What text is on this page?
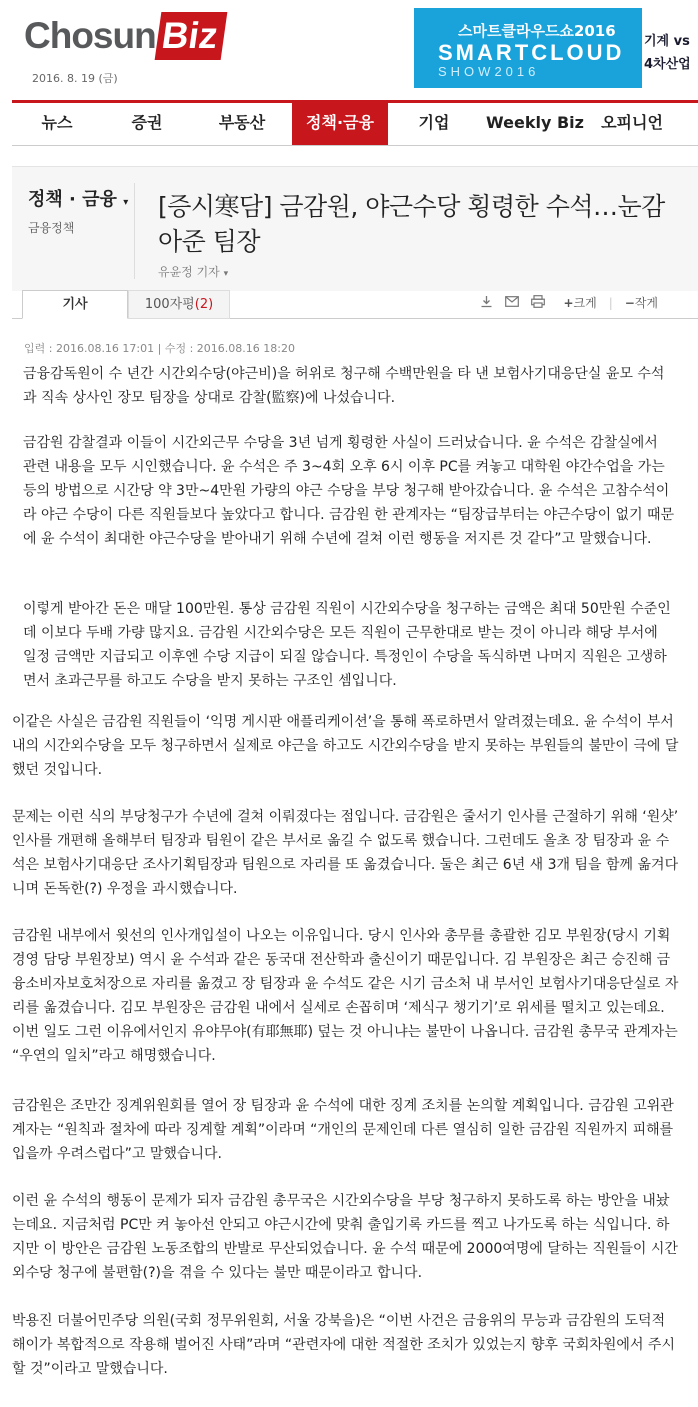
Chosun Biz
2016. 8. 19 (금)
스마트클라우드쇼2016
SMARTCLOUD
SHOW2016
기계 vs
4차산업
뉴스	증권	부동산	정책·금융	기업	Weekly Biz	오피니언
정책 · 금융 ▾
금융정책
[증시寒담] 금감원, 야근수당 횡령한 수석…눈감아준 팀장
유윤정 기자 ▾
기사	100자평(2)	+크게 | −작게
입력 : 2016.08.16 17:01 | 수정 : 2016.08.16 18:20

금융감독원이 수 년간 시간외수당(야근비)을 허위로 청구해 수백만원을 타 낸 보험사기대응단실 윤모 수석과 직속 상사인 장모 팀장을 상대로 감찰(監察)에 나섰습니다.

금감원 감찰결과 이들이 시간외근무 수당을 3년 넘게 횡령한 사실이 드러났습니다. 윤 수석은 감찰실에서 관련 내용을 모두 시인했습니다. 윤 수석은 주 3~4회 오후 6시 이후 PC를 켜놓고 대학원 야간수업을 가는 등의 방법으로 시간당 약 3만~4만원 가량의 야근 수당을 부당 청구해 받아갔습니다. 윤 수석은 고참수석이라 야근 수당이 다른 직원들보다 높았다고 합니다. 금감원 한 관계자는 “팀장급부터는 야근수당이 없기 때문에 윤 수석이 최대한 야근수당을 받아내기 위해 수년에 걸쳐 이런 행동을 저지른 것 같다”고 말했습니다.

이렇게 받아간 돈은 매달 100만원. 통상 금감원 직원이 시간외수당을 청구하는 금액은 최대 50만원 수준인데 이보다 두배 가량 많지요. 금감원 시간외수당은 모든 직원이 근무한대로 받는 것이 아니라 해당 부서에 일정 금액만 지급되고 이후엔 수당 지급이 되질 않습니다. 특정인이 수당을 독식하면 나머지 직원은 고생하면서 초과근무를 하고도 수당을 받지 못하는 구조인 셈입니다.

이같은 사실은 금감원 직원들이 ‘익명 게시판 애플리케이션’을 통해 폭로하면서 알려졌는데요. 윤 수석이 부서 내의 시간외수당을 모두 청구하면서 실제로 야근을 하고도 시간외수당을 받지 못하는 부원들의 불만이 극에 달했던 것입니다.

문제는 이런 식의 부당청구가 수년에 걸쳐 이뤄졌다는 점입니다. 금감원은 줄서기 인사를 근절하기 위해 ‘원샷’ 인사를 개편해 올해부터 팀장과 팀원이 같은 부서로 옮길 수 없도록 했습니다. 그런데도 올초 장 팀장과 윤 수석은 보험사기대응단 조사기획팀장과 팀원으로 자리를 또 옮겼습니다. 둘은 최근 6년 새 3개 팀을 함께 옮겨다니며 돈독한(?) 우정을 과시했습니다.

금감원 내부에서 윗선의 인사개입설이 나오는 이유입니다. 당시 인사와 총무를 총괄한 김모 부원장(당시 기획경영 담당 부원장보) 역시 윤 수석과 같은 동국대 전산학과 출신이기 때문입니다. 김 부원장은 최근 승진해 금융소비자보호처장으로 자리를 옮겼고 장 팀장과 윤 수석도 같은 시기 금소처 내 부서인 보험사기대응단실로 자리를 옮겼습니다. 김모 부원장은 금감원 내에서 실세로 손꼽히며 ‘제식구 챙기기’로 위세를 떨치고 있는데요. 이번 일도 그런 이유에서인지 유야무야(有耶無耶) 덮는 것 아니냐는 불만이 나옵니다. 금감원 총무국 관계자는 “우연의 일치”라고 해명했습니다.

금감원은 조만간 징계위원회를 열어 장 팀장과 윤 수석에 대한 징계 조치를 논의할 계획입니다. 금감원 고위관계자는 “원칙과 절차에 따라 징계할 계획”이라며 “개인의 문제인데 다른 열심히 일한 금감원 직원까지 피해를 입을까 우려스럽다”고 말했습니다.

이런 윤 수석의 행동이 문제가 되자 금감원 총무국은 시간외수당을 부당 청구하지 못하도록 하는 방안을 내놨는데요. 지금처럼 PC만 켜 놓아선 안되고 야근시간에 맞춰 출입기록 카드를 찍고 나가도록 하는 식입니다. 하지만 이 방안은 금감원 노동조합의 반발로 무산되었습니다. 윤 수석 때문에 2000여명에 달하는 직원들이 시간외수당 청구에 불편함(?)을 겪을 수 있다는 불만 때문이라고 합니다.

박용진 더불어민주당 의원(국회 정무위원회, 서울 강북을)은 “이번 사건은 금융위의 무능과 금감원의 도덕적 해이가 복합적으로 작용해 벌어진 사태”라며 “관련자에 대한 적절한 조치가 있었는지 향후 국회차원에서 주시할 것”이라고 말했습니다.
